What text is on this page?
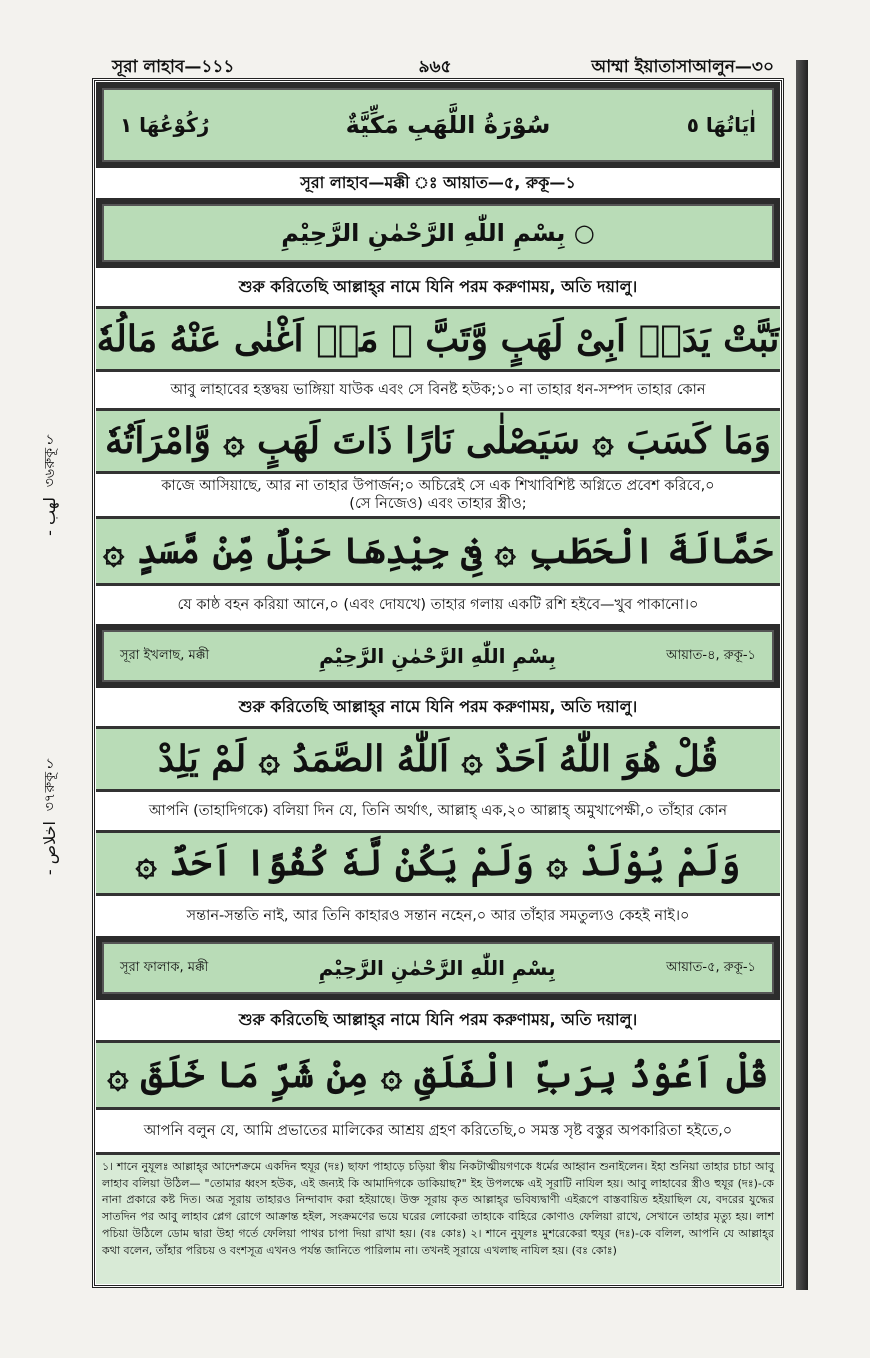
সূরা লাহাব—১১১	৯৬৫	আম্মা ইয়াতাসাআলুন—৩০
رُكُوْعُهَا ١	سُوْرَةُ اللَّهَبِ مَكِّيَّةٌ	اٰيَاتُهَا ٥
সূরা লাহাব—মক্কী ঃ আয়াত—৫, রুকূ—১
بِسْمِ اللّٰهِ الرَّحْمٰنِ الرَّحِيْمِ ○
শুরু করিতেছি আল্লাহ্‌র নামে যিনি পরম করুণাময়, অতি দয়ালু।
تَبَّتْ يَدَاۤ اَبِىْ لَهَبٍ وَّتَبَّ ۞ مَاۤ اَغْنٰى عَنْهُ مَالُهٗ
আবু লাহাবের হস্তদ্বয় ভাঙ্গিয়া যাউক এবং সে বিনষ্ট হউক;১০ না তাহার ধন-সম্পদ তাহার কোন
وَمَا كَسَبَ ۞ سَيَصْلٰى نَارًا ذَاتَ لَهَبٍ ۞ وَّامْرَاَتُهٗ
কাজে আসিয়াছে, আর না তাহার উপার্জন;০ অচিরেই সে এক শিখাবিশিষ্ট অগ্নিতে প্রবেশ করিবে,০
(সে নিজেও) এবং তাহার স্ত্রীও;
حَمَّالَةَ الْحَطَبِ ۞ فِىْ جِيْدِهَا حَبْلٌ مِّنْ مَّسَدٍ ۞
যে কাষ্ঠ বহন করিয়া আনে,০ (এবং দোযখে) তাহার গলায় একটি রশি হইবে—খুব পাকানো।০
সূরা ইখলাছ, মক্কী	بِسْمِ اللّٰهِ الرَّحْمٰنِ الرَّحِيْمِ	আয়াত-৪, রুকূ-১
শুরু করিতেছি আল্লাহ্‌র নামে যিনি পরম করুণাময়, অতি দয়ালু।
قُلْ هُوَ اللّٰهُ اَحَدٌ ۞ اَللّٰهُ الصَّمَدُ ۞ لَمْ يَلِدْ
আপনি (তাহাদিগকে) বলিয়া দিন যে, তিনি অর্থাৎ, আল্লাহ্‌ এক,২০ আল্লাহ্‌ অমুখাপেক্ষী,০ তাঁহার কোন
وَلَمْ يُوْلَدْ ۞ وَلَمْ يَكُنْ لَّهٗ كُفُوًا اَحَدٌ ۞
সন্তান-সন্ততি নাই, আর তিনি কাহারও সন্তান নহেন,০ আর তাঁহার সমতুল্যও কেহই নাই।০
সূরা ফালাক, মক্কী	بِسْمِ اللّٰهِ الرَّحْمٰنِ الرَّحِيْمِ	আয়াত-৫, রুকূ-১
শুরু করিতেছি আল্লাহ্‌র নামে যিনি পরম করুণাময়, অতি দয়ালু।
قُلْ اَعُوْذُ بِرَبِّ الْفَلَقِ ۞ مِنْ شَرِّ مَا خَلَقَ ۞
আপনি বলুন যে, আমি প্রভাতের মালিকের আশ্রয় গ্রহণ করিতেছি,০ সমস্ত সৃষ্ট বস্তুর অপকারিতা হইতে,০
১। শানে নুযূলঃ আল্লাহ্‌র আদেশক্রমে একদিন হুযূর (দঃ) ছাফা পাহাড়ে চড়িয়া স্বীয় নিকটাত্মীয়গণকে ধর্মের আহ্বান শুনাইলেন। ইহা শুনিয়া তাহার চাচা আবু লাহাব বলিয়া উঠিল— "তোমার ধ্বংস হউক, এই জন্যই কি আমাদিগকে ডাকিয়াছ?" ইহ উপলক্ষে এই সূরাটি নাযিল হয়। আবু লাহাবের স্ত্রীও হুযূর (দঃ)-কে নানা প্রকারে কষ্ট দিত। অত্র সূরায় তাহারও নিন্দাবাদ করা হইয়াছে। উক্ত সূরায় কৃত আল্লাহ্‌র ভবিষ্যদ্বাণী এইরূপে বাস্তবায়িত হইয়াছিল যে, বদরের যুদ্ধের সাতদিন পর আবু লাহাব প্লেগ রোগে আক্রান্ত হইল, সংক্রমণের ভয়ে ঘরের লোকেরা তাহাকে বাহিরে কোণাও ফেলিয়া রাখে, সেখানে তাহার মৃত্যু হয়। লাশ পচিয়া উঠিলে ডোম দ্বারা উহা গর্তে ফেলিয়া পাথর চাপা দিয়া রাখা হয়। (বঃ কোঃ) ২। শানে নুযূলঃ মুশরেকেরা হুযূর (দঃ)-কে বলিল, আপনি যে আল্লাহ্‌র কথা বলেন, তাঁহার পরিচয় ও বংশসূত্র এখনও পর্যন্ত জানিতে পারিলাম না। তখনই সূরায়ে এখলাছ নাযিল হয়। (বঃ কোঃ)
১
রুকূ
৩৬
- لهب
১
রুকূ
৩৭
- اخلاص
